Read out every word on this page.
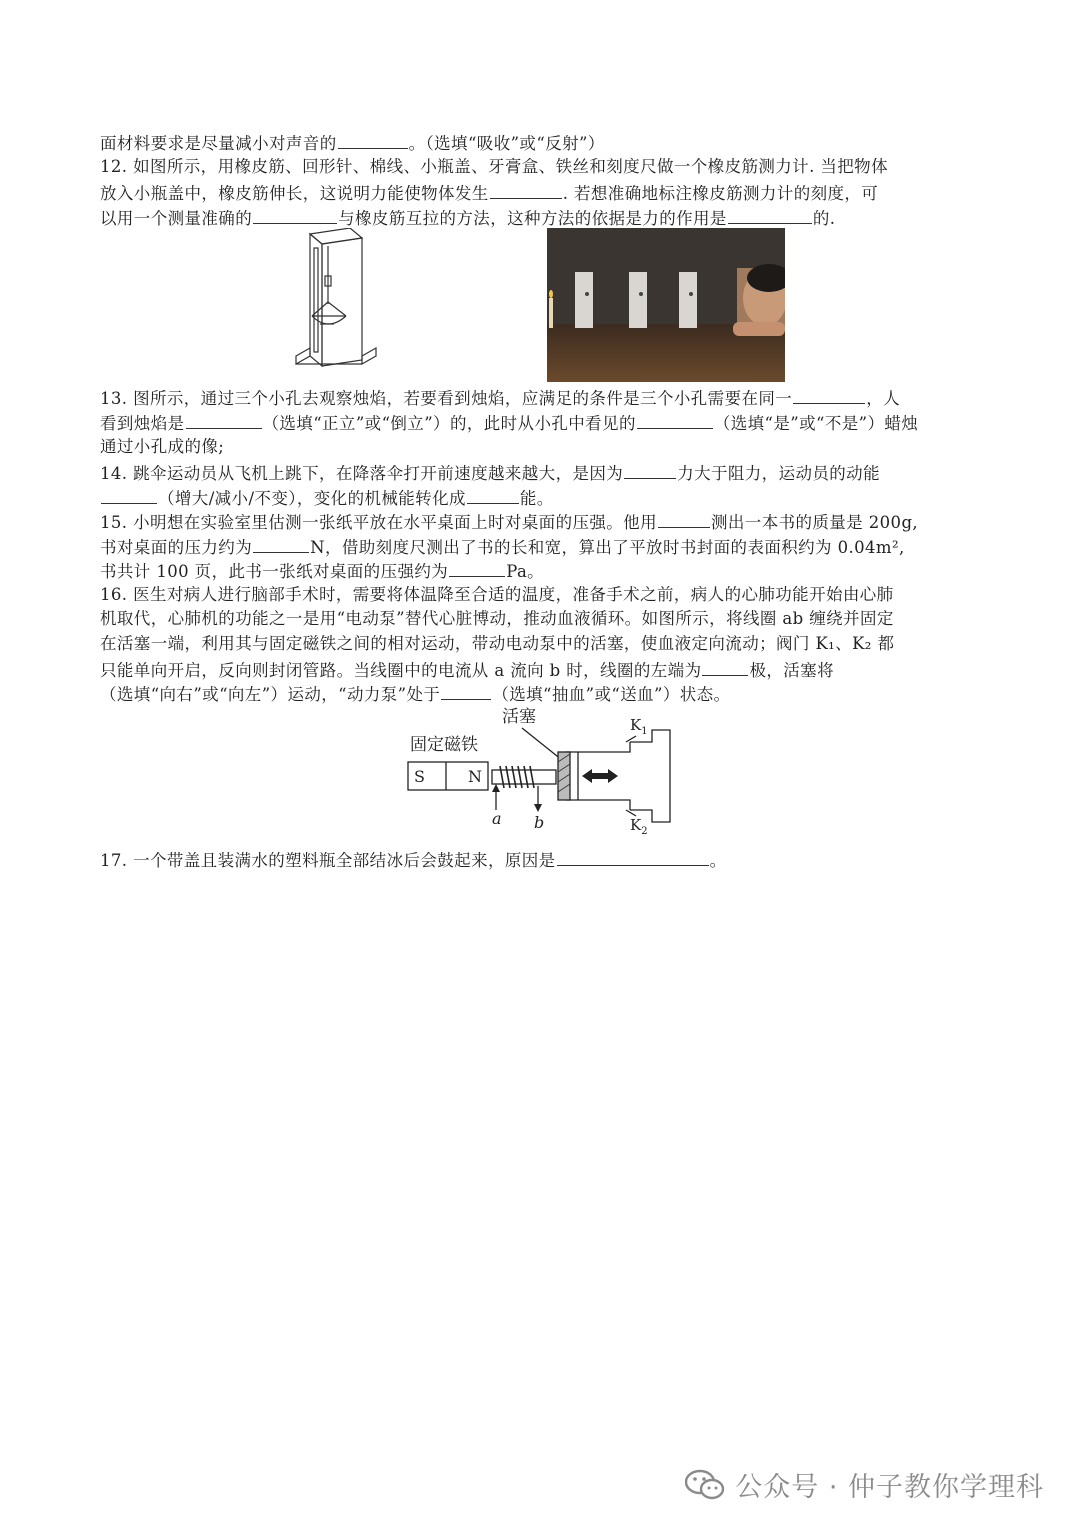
面材料要求是尽量减小对声音的	。（选填“吸收”或“反射”）
12. 如图所示，用橡皮筋、回形针、棉线、小瓶盖、牙膏盒、铁丝和刻度尺做一个橡皮筋测力计. 当把物体
放入小瓶盖中，橡皮筋伸长，这说明力能使物体发生	. 若想准确地标注橡皮筋测力计的刻度，可
以用一个测量准确的	与橡皮筋互拉的方法，这种方法的依据是力的作用是	的.
13. 图所示，通过三个小孔去观察烛焰，若要看到烛焰，应满足的条件是三个小孔需要在同一	，人
看到烛焰是	（选填“正立”或“倒立”）的，此时从小孔中看见的	（选填“是”或“不是”）蜡烛
通过小孔成的像;
14. 跳伞运动员从飞机上跳下，在降落伞打开前速度越来越大，是因为	力大于阻力，运动员的动能
（增大/减小/不变），变化的机械能转化成	能。
15. 小明想在实验室里估测一张纸平放在水平桌面上时对桌面的压强。他用	测出一本书的质量是 200g,
书对桌面的压力约为	N，借助刻度尺测出了书的长和宽，算出了平放时书封面的表面积约为 0.04m²,
书共计 100 页，此书一张纸对桌面的压强约为	Pa。
16. 医生对病人进行脑部手术时，需要将体温降至合适的温度，准备手术之前，病人的心肺功能开始由心肺
机取代，心肺机的功能之一是用“电动泵”替代心脏博动，推动血液循环。如图所示，将线圈 ab 缠绕并固定
在活塞一端，利用其与固定磁铁之间的相对运动，带动电动泵中的活塞，使血液定向流动；阀门 K₁、K₂ 都
只能单向开启，反向则封闭管路。当线圈中的电流从 a 流向 b 时，线圈的左端为	极，活塞将
（选填“向右”或“向左”）运动，“动力泵”处于	（选填“抽血”或“送血”）状态。
固定磁铁
活塞
S	N
a b
$K_1$
$K_2$
17. 一个带盖且装满水的塑料瓶全部结冰后会鼓起来，原因是	。
公众号 · 仲子教你学理科
